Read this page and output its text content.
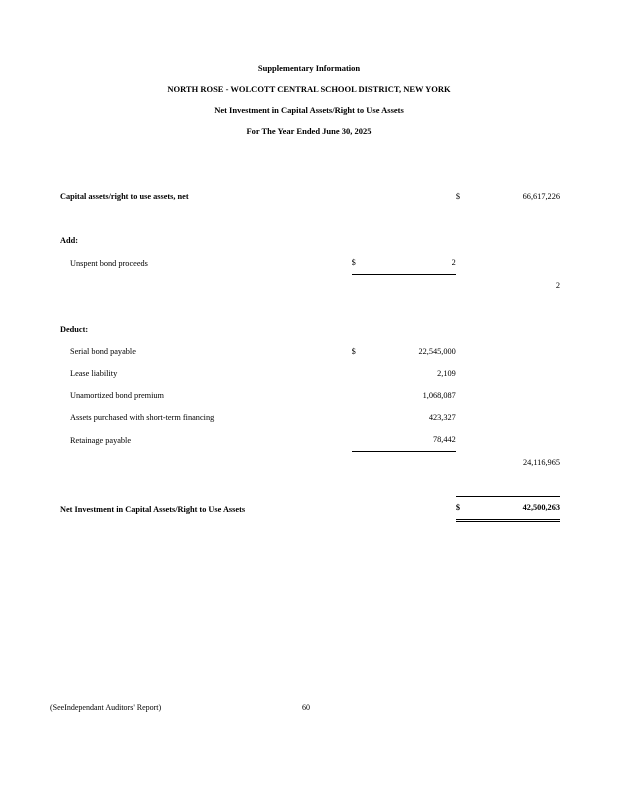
Supplementary Information
NORTH ROSE - WOLCOTT CENTRAL SCHOOL DISTRICT, NEW YORK
Net Investment in Capital Assets/Right to Use Assets
For The Year Ended June 30, 2025
Capital assets/right to use assets, net			$	66,617,226

Add:				
Unspent bond proceeds	$	2		
				2

Deduct:				
Serial bond payable	$	22,545,000		
Lease liability		2,109		
Unamortized bond premium		1,068,087		
Assets purchased with short-term financing		423,327		
Retainage payable		78,442		
				24,116,965

Net Investment in Capital Assets/Right to Use Assets			$	42,500,263
(SeeIndependant Auditors' Report)	60
